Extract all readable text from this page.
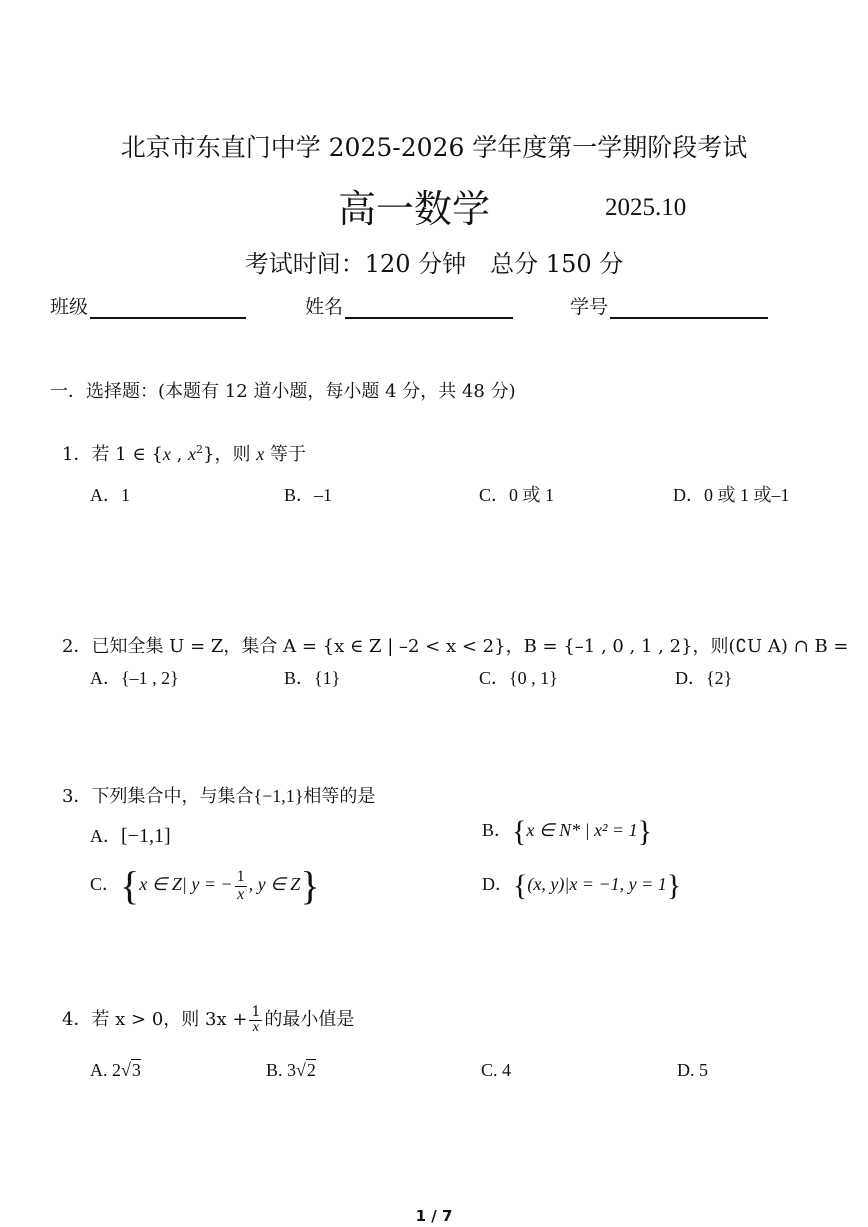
北京市东直门中学 2025-2026 学年度第一学期阶段考试
高一数学	2025.10
考试时间：120 分钟　总分 150 分
班级	姓名	学号
一．选择题：(本题有 12 道小题，每小题 4 分，共 48 分)
1．若 1 ∈ {x , $x^2$}，则 x 等于
A．1	B．–1	C．0 或 1	D．0 或 1 或–1
2．已知全集 U = Z，集合 A = {x ∈ Z | –2 < x < 2}，B = {–1 , 0 , 1 , 2}，则(∁U A) ∩ B =
A．{–1 , 2}	B．{1}	C．{0 , 1}	D．{2}
3．下列集合中，与集合{−1,1}相等的是
A．[−1,1]	B．{x ∈ N* | x² = 1}
C．{x ∈ Z| y = − $\frac{1}{x}$ , y ∈ Z}	D．{(x, y)|x = −1, y = 1}
4．若 x > 0，则 $3x + \frac{1}{x}$ 的最小值是
A. 2√3	B. 3√2	C. 4	D. 5
1 / 7
